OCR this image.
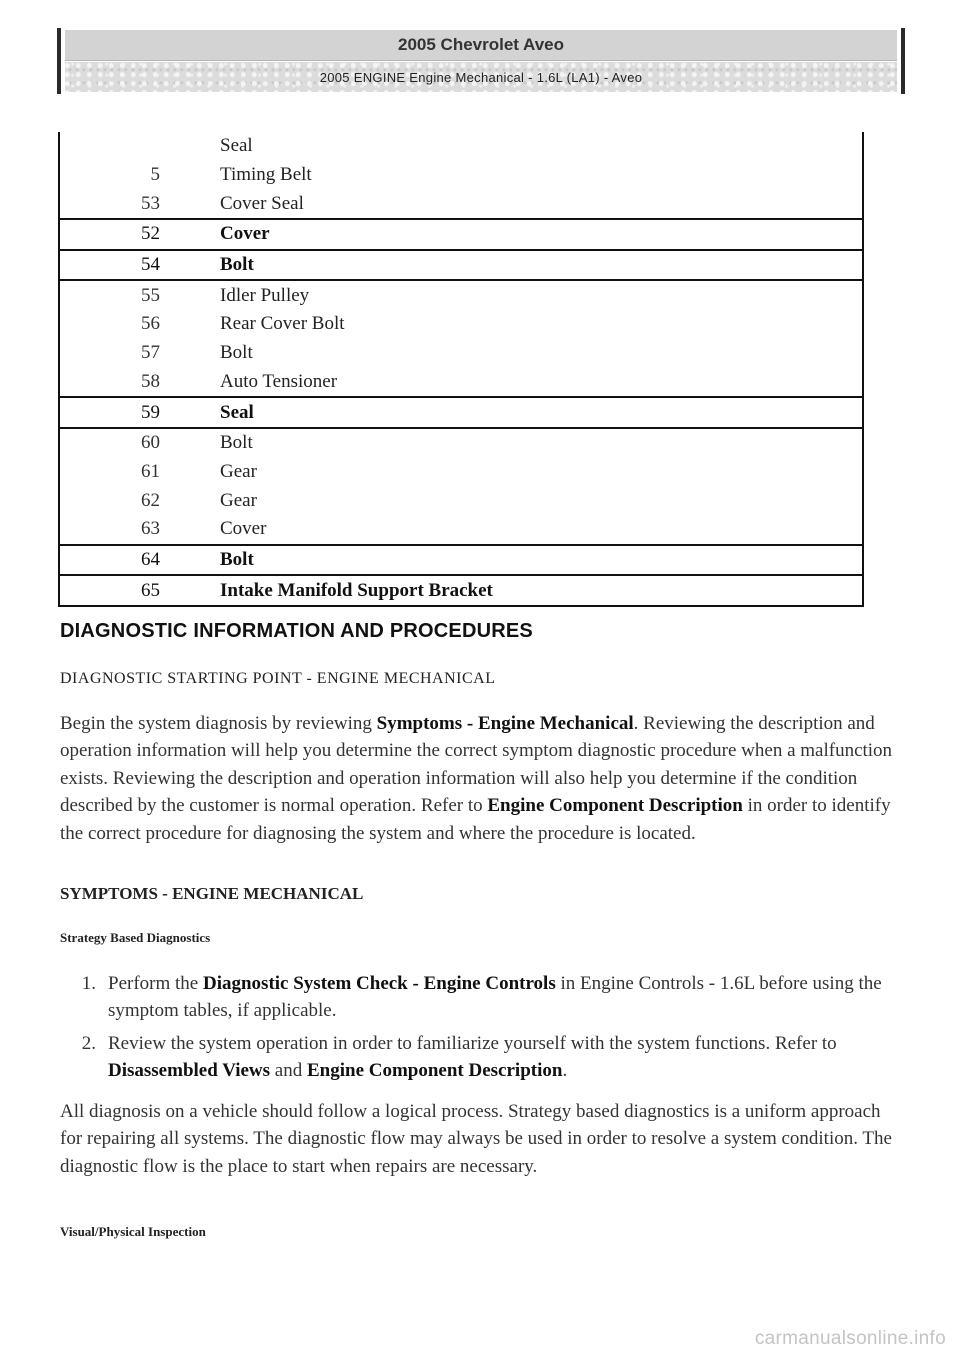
2005 Chevrolet Aveo
2005 ENGINE Engine Mechanical - 1.6L (LA1) - Aveo
Seal
5	Timing Belt
53	Cover Seal
52	Cover
54	Bolt
55	Idler Pulley
56	Rear Cover Bolt
57	Bolt
58	Auto Tensioner
59	Seal
60	Bolt
61	Gear
62	Gear
63	Cover
64	Bolt
65	Intake Manifold Support Bracket
DIAGNOSTIC INFORMATION AND PROCEDURES
DIAGNOSTIC STARTING POINT - ENGINE MECHANICAL
Begin the system diagnosis by reviewing Symptoms - Engine Mechanical. Reviewing the description and operation information will help you determine the correct symptom diagnostic procedure when a malfunction exists. Reviewing the description and operation information will also help you determine if the condition described by the customer is normal operation. Refer to Engine Component Description in order to identify the correct procedure for diagnosing the system and where the procedure is located.
SYMPTOMS - ENGINE MECHANICAL
Strategy Based Diagnostics
1. Perform the Diagnostic System Check - Engine Controls in Engine Controls - 1.6L before using the symptom tables, if applicable.
2. Review the system operation in order to familiarize yourself with the system functions. Refer to Disassembled Views and Engine Component Description.
All diagnosis on a vehicle should follow a logical process. Strategy based diagnostics is a uniform approach for repairing all systems. The diagnostic flow may always be used in order to resolve a system condition. The diagnostic flow is the place to start when repairs are necessary.
Visual/Physical Inspection
carmanualsonline.info
